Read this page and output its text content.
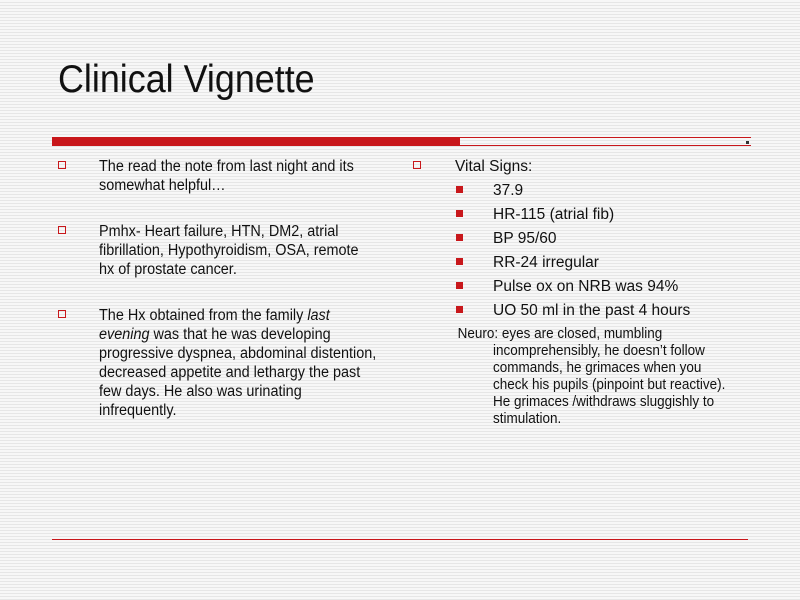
Clinical Vignette
The read the note from last night and its somewhat helpful…
Pmhx- Heart failure, HTN, DM2, atrial fibrillation, Hypothyroidism, OSA, remote hx of prostate cancer.
The Hx obtained from the family last evening was that he was developing progressive dyspnea, abdominal distention, decreased appetite and lethargy the past few days. He also was urinating infrequently.
Vital Signs:
37.9
HR-115 (atrial fib)
BP 95/60
RR-24 irregular
Pulse ox on NRB was 94%
UO 50 ml in the past 4 hours
Neuro: eyes are closed, mumbling incomprehensibly, he doesn’t follow commands, he grimaces when you check his pupils (pinpoint but reactive). He grimaces /withdraws sluggishly to stimulation.
